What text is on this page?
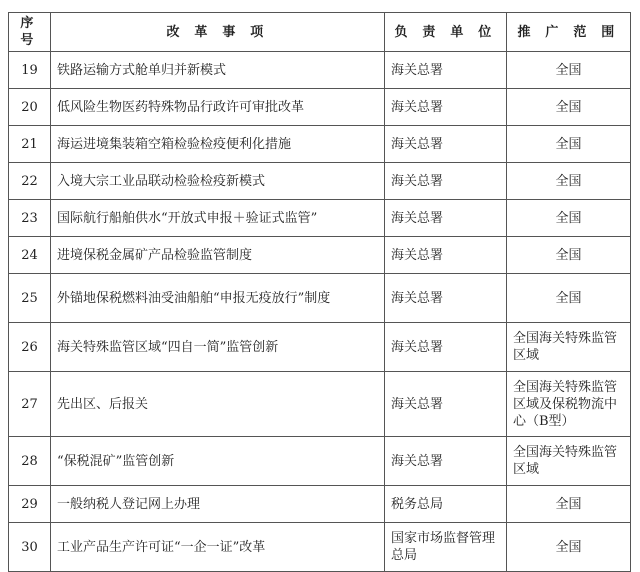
序号	改 革 事 项	负 责 单 位	推 广 范 围
19	铁路运输方式舱单归并新模式	海关总署	全国
20	低风险生物医药特殊物品行政许可审批改革	海关总署	全国
21	海运进境集装箱空箱检验检疫便利化措施	海关总署	全国
22	入境大宗工业品联动检验检疫新模式	海关总署	全国
23	国际航行船舶供水“开放式申报＋验证式监管”	海关总署	全国
24	进境保税金属矿产品检验监管制度	海关总署	全国
25	外锚地保税燃料油受油船舶“申报无疫放行”制度	海关总署	全国
26	海关特殊监管区域“四自一简”监管创新	海关总署	全国海关特殊监管区域
27	先出区、后报关	海关总署	全国海关特殊监管区域及保税物流中心（B型）
28	“保税混矿”监管创新	海关总署	全国海关特殊监管区域
29	一般纳税人登记网上办理	税务总局	全国
30	工业产品生产许可证“一企一证”改革	国家市场监督管理总局	全国
